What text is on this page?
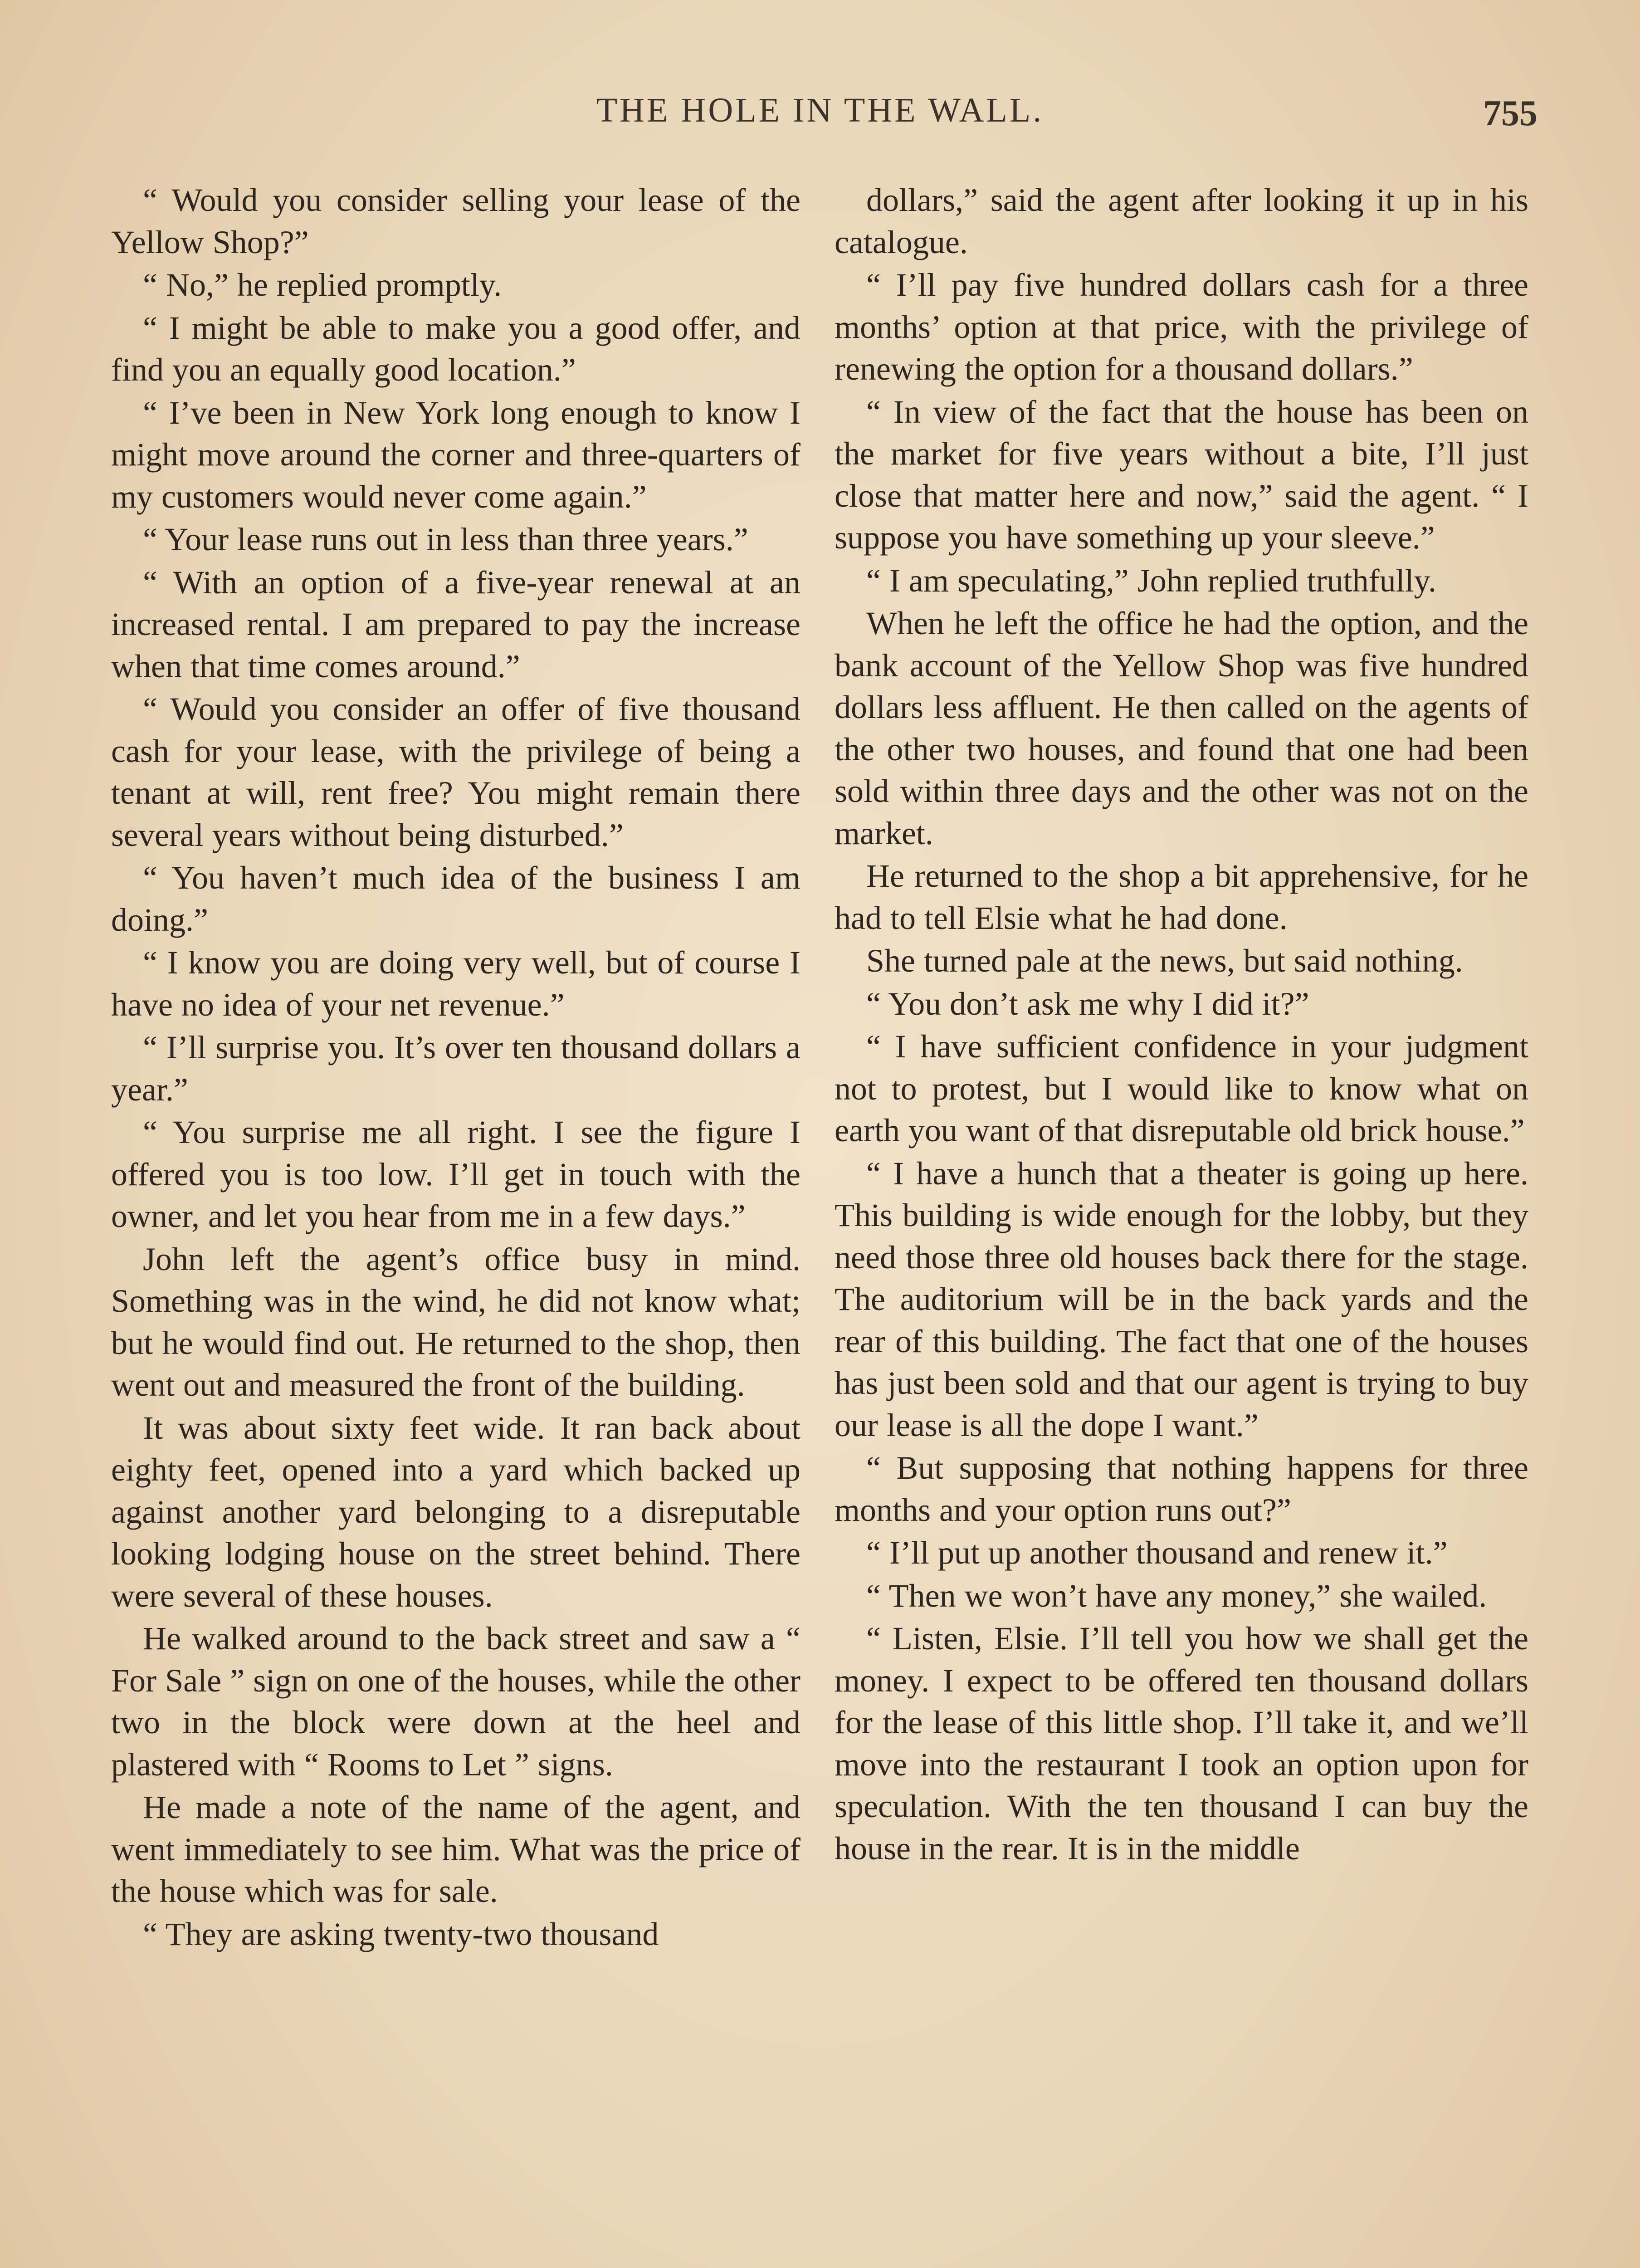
THE HOLE IN THE WALL.	755

“ Would you consider selling your lease of the Yellow Shop?”

“ No,” he replied promptly.

“ I might be able to make you a good offer, and find you an equally good location.”

“ I’ve been in New York long enough to know I might move around the corner and three-quarters of my customers would never come again.”

“ Your lease runs out in less than three years.”

“ With an option of a five-year renewal at an increased rental. I am prepared to pay the increase when that time comes around.”

“ Would you consider an offer of five thousand cash for your lease, with the privilege of being a tenant at will, rent free? You might remain there several years without being disturbed.”

“ You haven’t much idea of the business I am doing.”

“ I know you are doing very well, but of course I have no idea of your net revenue.”

“ I’ll surprise you. It’s over ten thousand dollars a year.”

“ You surprise me all right. I see the figure I offered you is too low. I’ll get in touch with the owner, and let you hear from me in a few days.”

John left the agent’s office busy in mind. Something was in the wind, he did not know what; but he would find out. He returned to the shop, then went out and measured the front of the building.

It was about sixty feet wide. It ran back about eighty feet, opened into a yard which backed up against another yard belonging to a disreputable looking lodging house on the street behind. There were several of these houses.

He walked around to the back street and saw a “ For Sale ” sign on one of the houses, while the other two in the block were down at the heel and plastered with “ Rooms to Let ” signs.

He made a note of the name of the agent, and went immediately to see him. What was the price of the house which was for sale.

“ They are asking twenty-two thousand

dollars,” said the agent after looking it up in his catalogue.

“ I’ll pay five hundred dollars cash for a three months’ option at that price, with the privilege of renewing the option for a thousand dollars.”

“ In view of the fact that the house has been on the market for five years without a bite, I’ll just close that matter here and now,” said the agent. “ I suppose you have something up your sleeve.”

“ I am speculating,” John replied truthfully.

When he left the office he had the option, and the bank account of the Yellow Shop was five hundred dollars less affluent. He then called on the agents of the other two houses, and found that one had been sold within three days and the other was not on the market.

He returned to the shop a bit apprehensive, for he had to tell Elsie what he had done.

She turned pale at the news, but said nothing.

“ You don’t ask me why I did it?”

“ I have sufficient confidence in your judgment not to protest, but I would like to know what on earth you want of that disreputable old brick house.”

“ I have a hunch that a theater is going up here. This building is wide enough for the lobby, but they need those three old houses back there for the stage. The auditorium will be in the back yards and the rear of this building. The fact that one of the houses has just been sold and that our agent is trying to buy our lease is all the dope I want.”

“ But supposing that nothing happens for three months and your option runs out?”

“ I’ll put up another thousand and renew it.”

“ Then we won’t have any money,” she wailed.

“ Listen, Elsie. I’ll tell you how we shall get the money. I expect to be offered ten thousand dollars for the lease of this little shop. I’ll take it, and we’ll move into the restaurant I took an option upon for speculation. With the ten thousand I can buy the house in the rear. It is in the middle
